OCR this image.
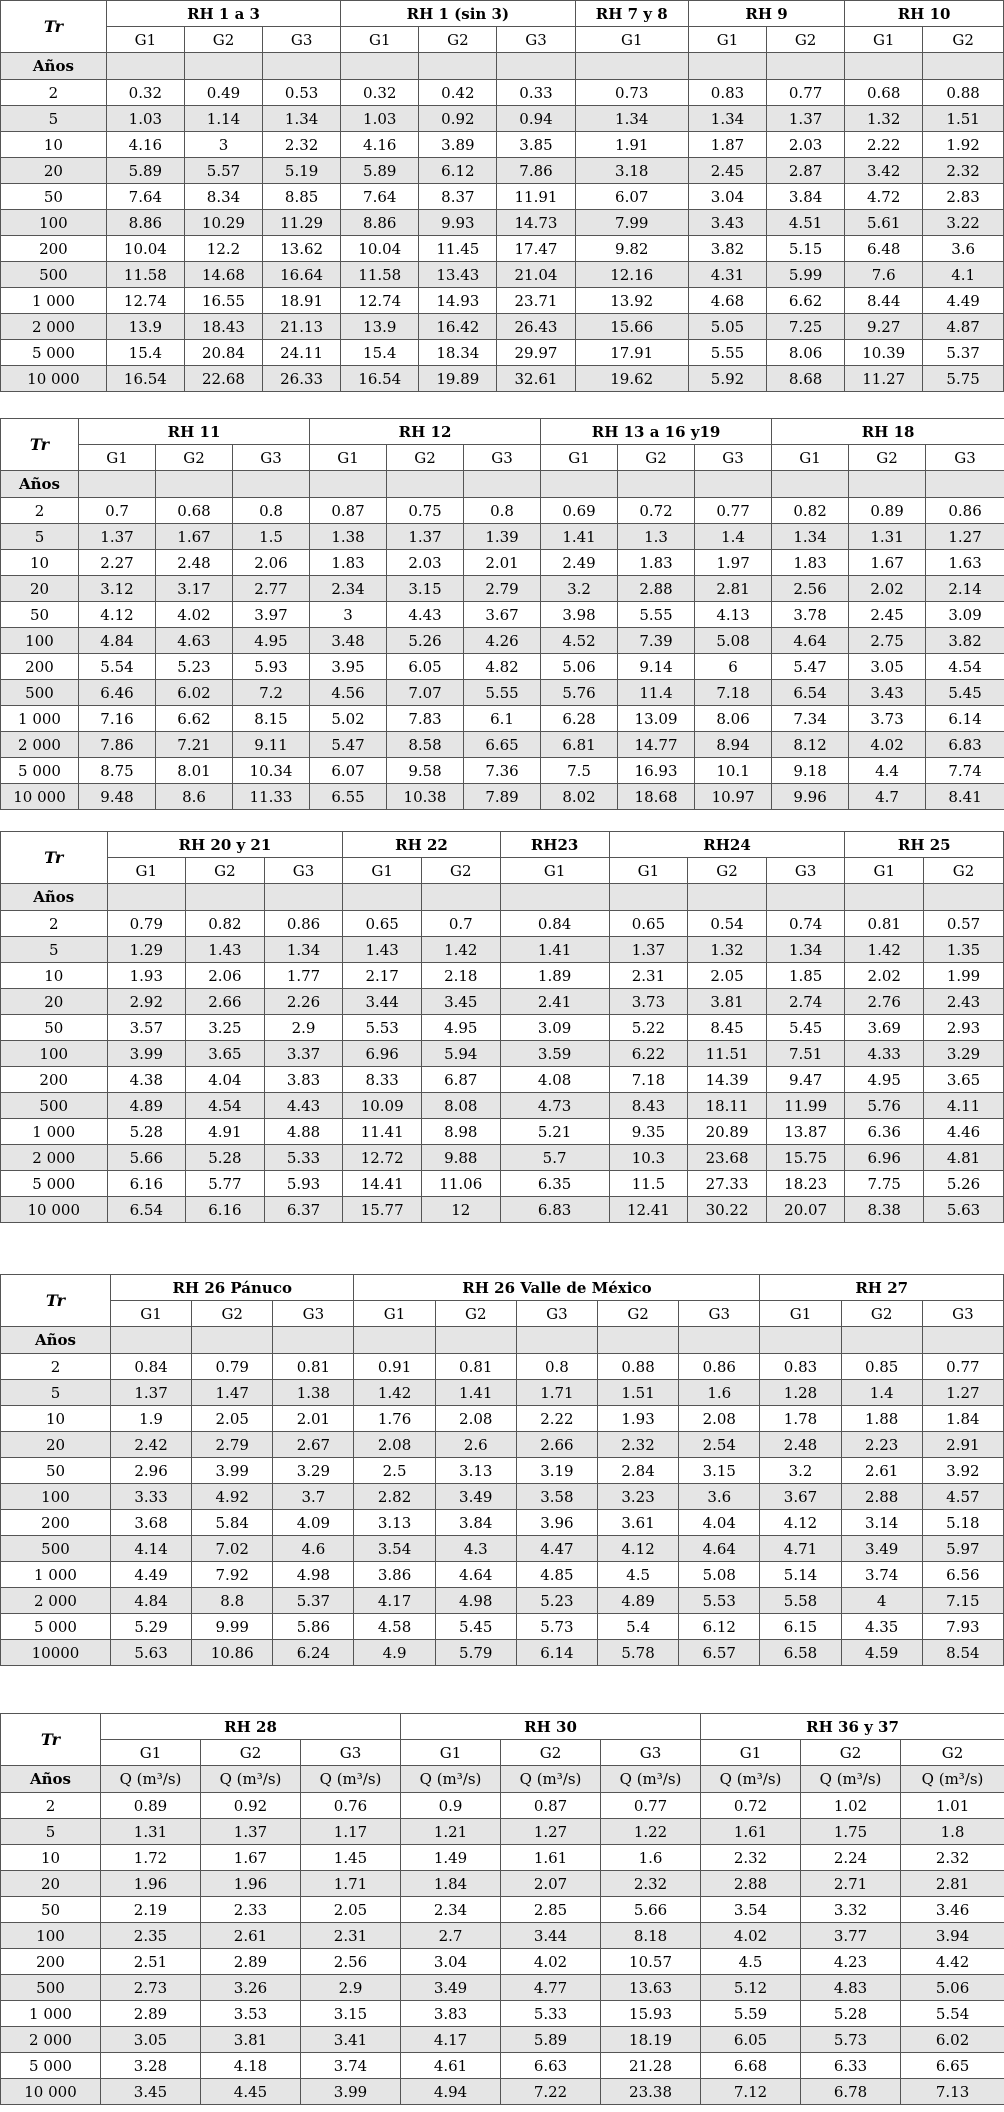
Tr	RH 1 a 3			RH 1 (sin 3)			RH 7 y 8	RH 9		RH 10	
	G1	G2	G3	G1	G2	G3	G1	G1	G2	G1	G2
Años											
2	0.32	0.49	0.53	0.32	0.42	0.33	0.73	0.83	0.77	0.68	0.88
5	1.03	1.14	1.34	1.03	0.92	0.94	1.34	1.34	1.37	1.32	1.51
10	4.16	3	2.32	4.16	3.89	3.85	1.91	1.87	2.03	2.22	1.92
20	5.89	5.57	5.19	5.89	6.12	7.86	3.18	2.45	2.87	3.42	2.32
50	7.64	8.34	8.85	7.64	8.37	11.91	6.07	3.04	3.84	4.72	2.83
100	8.86	10.29	11.29	8.86	9.93	14.73	7.99	3.43	4.51	5.61	3.22
200	10.04	12.2	13.62	10.04	11.45	17.47	9.82	3.82	5.15	6.48	3.6
500	11.58	14.68	16.64	11.58	13.43	21.04	12.16	4.31	5.99	7.6	4.1
1 000	12.74	16.55	18.91	12.74	14.93	23.71	13.92	4.68	6.62	8.44	4.49
2 000	13.9	18.43	21.13	13.9	16.42	26.43	15.66	5.05	7.25	9.27	4.87
5 000	15.4	20.84	24.11	15.4	18.34	29.97	17.91	5.55	8.06	10.39	5.37
10 000	16.54	22.68	26.33	16.54	19.89	32.61	19.62	5.92	8.68	11.27	5.75
Tr	RH 11			RH 12			RH 13 a 16 y19			RH 18		
	G1	G2	G3	G1	G2	G3	G1	G2	G3	G1	G2	G3
Años												
2	0.7	0.68	0.8	0.87	0.75	0.8	0.69	0.72	0.77	0.82	0.89	0.86
5	1.37	1.67	1.5	1.38	1.37	1.39	1.41	1.3	1.4	1.34	1.31	1.27
10	2.27	2.48	2.06	1.83	2.03	2.01	2.49	1.83	1.97	1.83	1.67	1.63
20	3.12	3.17	2.77	2.34	3.15	2.79	3.2	2.88	2.81	2.56	2.02	2.14
50	4.12	4.02	3.97	3	4.43	3.67	3.98	5.55	4.13	3.78	2.45	3.09
100	4.84	4.63	4.95	3.48	5.26	4.26	4.52	7.39	5.08	4.64	2.75	3.82
200	5.54	5.23	5.93	3.95	6.05	4.82	5.06	9.14	6	5.47	3.05	4.54
500	6.46	6.02	7.2	4.56	7.07	5.55	5.76	11.4	7.18	6.54	3.43	5.45
1 000	7.16	6.62	8.15	5.02	7.83	6.1	6.28	13.09	8.06	7.34	3.73	6.14
2 000	7.86	7.21	9.11	5.47	8.58	6.65	6.81	14.77	8.94	8.12	4.02	6.83
5 000	8.75	8.01	10.34	6.07	9.58	7.36	7.5	16.93	10.1	9.18	4.4	7.74
10 000	9.48	8.6	11.33	6.55	10.38	7.89	8.02	18.68	10.97	9.96	4.7	8.41
Tr	RH 20 y 21			RH 22		RH23	RH24			RH 25	
	G1	G2	G3	G1	G2	G1	G1	G2	G3	G1	G2
Años											
2	0.79	0.82	0.86	0.65	0.7	0.84	0.65	0.54	0.74	0.81	0.57
5	1.29	1.43	1.34	1.43	1.42	1.41	1.37	1.32	1.34	1.42	1.35
10	1.93	2.06	1.77	2.17	2.18	1.89	2.31	2.05	1.85	2.02	1.99
20	2.92	2.66	2.26	3.44	3.45	2.41	3.73	3.81	2.74	2.76	2.43
50	3.57	3.25	2.9	5.53	4.95	3.09	5.22	8.45	5.45	3.69	2.93
100	3.99	3.65	3.37	6.96	5.94	3.59	6.22	11.51	7.51	4.33	3.29
200	4.38	4.04	3.83	8.33	6.87	4.08	7.18	14.39	9.47	4.95	3.65
500	4.89	4.54	4.43	10.09	8.08	4.73	8.43	18.11	11.99	5.76	4.11
1 000	5.28	4.91	4.88	11.41	8.98	5.21	9.35	20.89	13.87	6.36	4.46
2 000	5.66	5.28	5.33	12.72	9.88	5.7	10.3	23.68	15.75	6.96	4.81
5 000	6.16	5.77	5.93	14.41	11.06	6.35	11.5	27.33	18.23	7.75	5.26
10 000	6.54	6.16	6.37	15.77	12	6.83	12.41	30.22	20.07	8.38	5.63
Tr	RH 26 Pánuco			RH 26 Valle de México					RH 27		
	G1	G2	G3	G1	G2	G3	G2	G3	G1	G2	G3
Años											
2	0.84	0.79	0.81	0.91	0.81	0.8	0.88	0.86	0.83	0.85	0.77
5	1.37	1.47	1.38	1.42	1.41	1.71	1.51	1.6	1.28	1.4	1.27
10	1.9	2.05	2.01	1.76	2.08	2.22	1.93	2.08	1.78	1.88	1.84
20	2.42	2.79	2.67	2.08	2.6	2.66	2.32	2.54	2.48	2.23	2.91
50	2.96	3.99	3.29	2.5	3.13	3.19	2.84	3.15	3.2	2.61	3.92
100	3.33	4.92	3.7	2.82	3.49	3.58	3.23	3.6	3.67	2.88	4.57
200	3.68	5.84	4.09	3.13	3.84	3.96	3.61	4.04	4.12	3.14	5.18
500	4.14	7.02	4.6	3.54	4.3	4.47	4.12	4.64	4.71	3.49	5.97
1 000	4.49	7.92	4.98	3.86	4.64	4.85	4.5	5.08	5.14	3.74	6.56
2 000	4.84	8.8	5.37	4.17	4.98	5.23	4.89	5.53	5.58	4	7.15
5 000	5.29	9.99	5.86	4.58	5.45	5.73	5.4	6.12	6.15	4.35	7.93
10000	5.63	10.86	6.24	4.9	5.79	6.14	5.78	6.57	6.58	4.59	8.54
Tr	RH 28			RH 30			RH 36 y 37		
	G1	G2	G3	G1	G2	G3	G1	G2	G2
Años	Q (m³/s)	Q (m³/s)	Q (m³/s)	Q (m³/s)	Q (m³/s)	Q (m³/s)	Q (m³/s)	Q (m³/s)	Q (m³/s)
2	0.89	0.92	0.76	0.9	0.87	0.77	0.72	1.02	1.01
5	1.31	1.37	1.17	1.21	1.27	1.22	1.61	1.75	1.8
10	1.72	1.67	1.45	1.49	1.61	1.6	2.32	2.24	2.32
20	1.96	1.96	1.71	1.84	2.07	2.32	2.88	2.71	2.81
50	2.19	2.33	2.05	2.34	2.85	5.66	3.54	3.32	3.46
100	2.35	2.61	2.31	2.7	3.44	8.18	4.02	3.77	3.94
200	2.51	2.89	2.56	3.04	4.02	10.57	4.5	4.23	4.42
500	2.73	3.26	2.9	3.49	4.77	13.63	5.12	4.83	5.06
1 000	2.89	3.53	3.15	3.83	5.33	15.93	5.59	5.28	5.54
2 000	3.05	3.81	3.41	4.17	5.89	18.19	6.05	5.73	6.02
5 000	3.28	4.18	3.74	4.61	6.63	21.28	6.68	6.33	6.65
10 000	3.45	4.45	3.99	4.94	7.22	23.38	7.12	6.78	7.13
